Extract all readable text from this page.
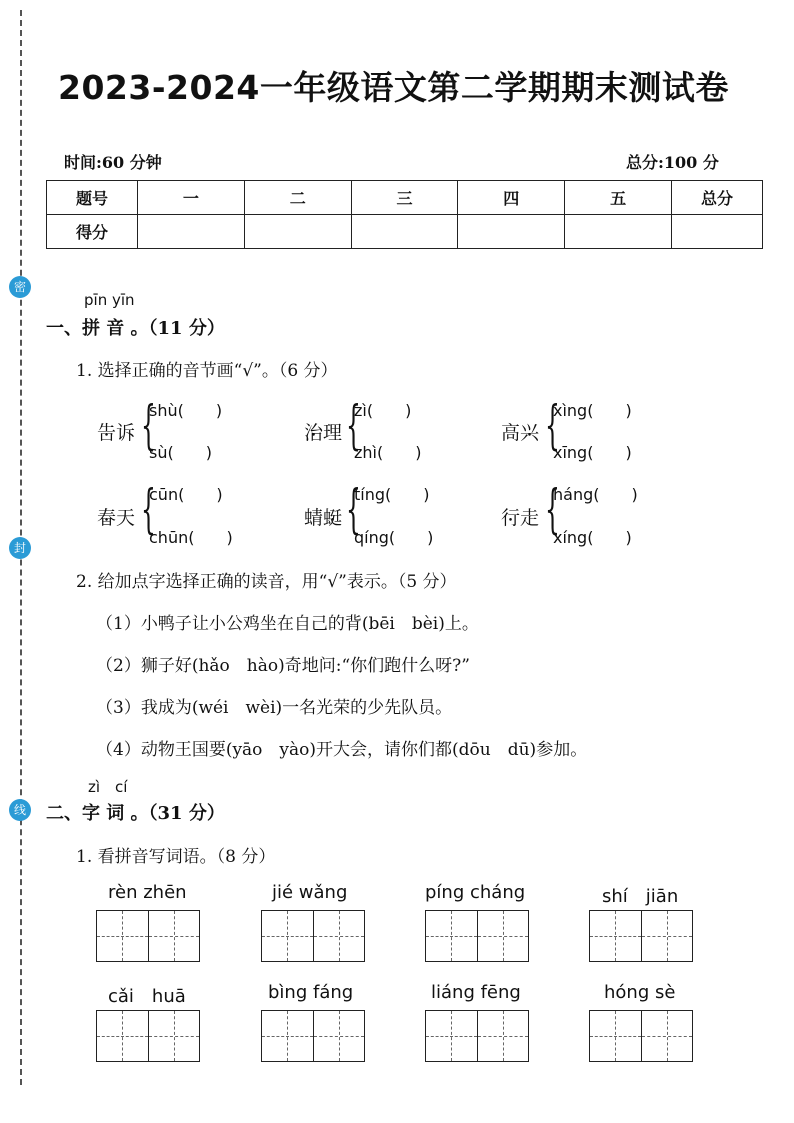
密
封
线
2023-2024一年级语文第二学期期末测试卷
时间:60 分钟	总分:100 分
题号	一	二	三	四	五	总分
得分						
pīn yīn
一、拼 音 。（11 分）
1. 选择正确的音节画“√”。（6 分）
告 •诉 {
shù(　　)
sù(　　)
治 •理 {
zì(　　)
zhì(　　)
高兴 • {
xìng(　　)
xīng(　　)
春 •天 {
cūn(　　)
chūn(　　)
蜻蜓 • {
tíng(　　)
qíng(　　)
行 •走 {
háng(　　)
xíng(　　)
2. 给加点字选择正确的读音，用“√”表示。（5 分）
（1）小鸭子让小公鸡坐在自己的背(bēi　bèi)上。
（2）狮子好(hǎo　hào)奇地问:“你们跑什么呀?”
（3）我成为(wéi　wèi)一名光荣的少先队员。
（4）动物王国要(yāo　yào)开大会，请你们都(dōu　dū)参加。
zì　cí
二、字 词 。（31 分）
1. 看拼音写词语。（8 分）
rèn zhēn	jié wǎng	píng cháng	shí　jiān
cǎi　huā	bìng fáng	liáng fēng	hóng sè
